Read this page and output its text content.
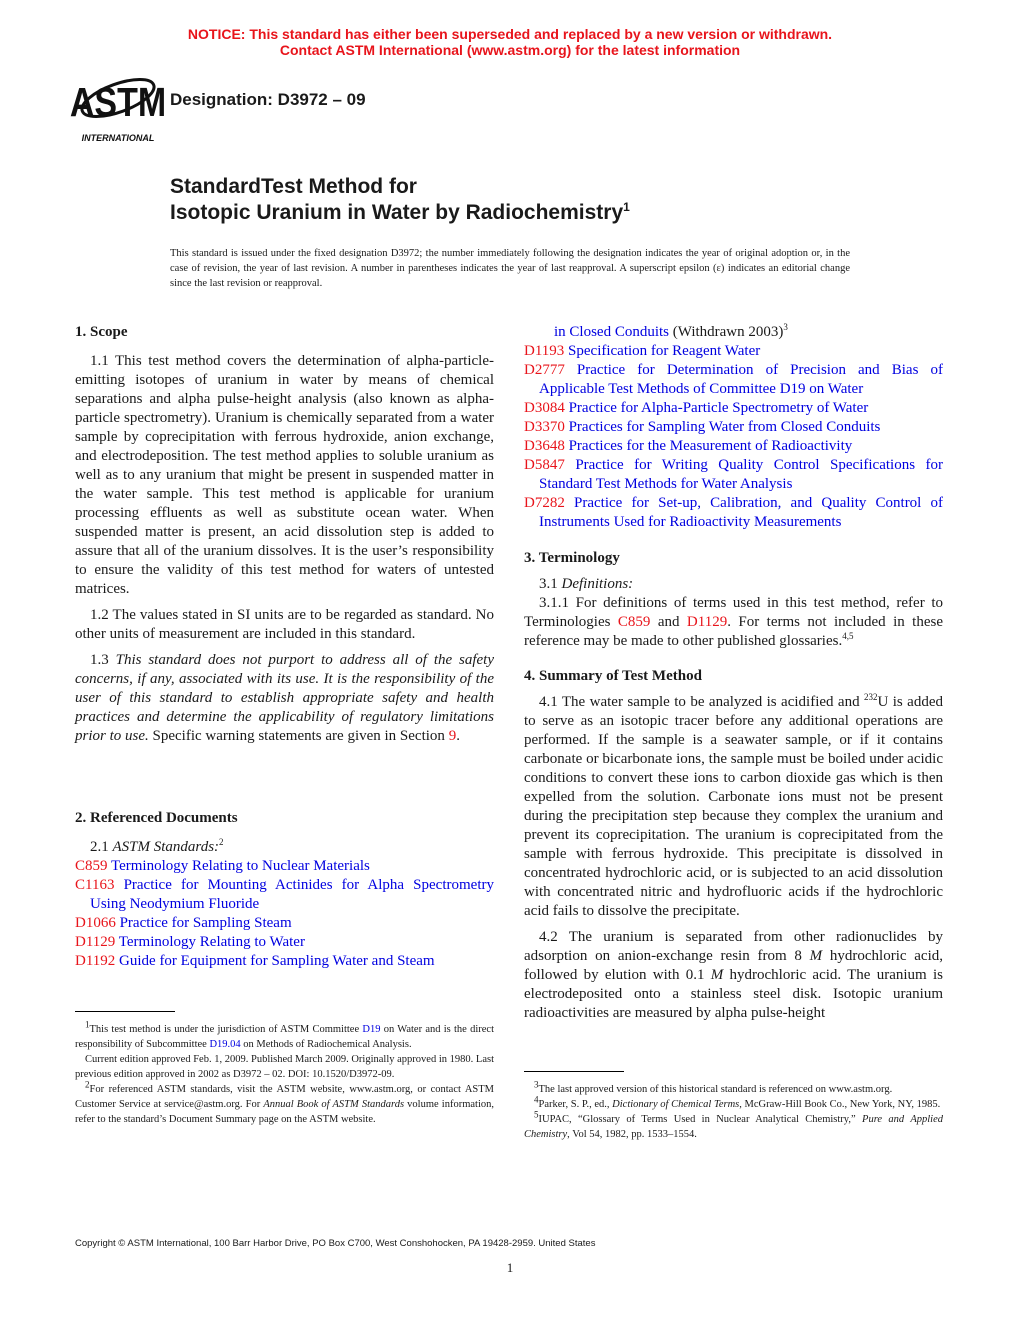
NOTICE: This standard has either been superseded and replaced by a new version or withdrawn.
Contact ASTM International (www.astm.org) for the latest information
ASTM
INTERNATIONAL
Designation: D3972 – 09
StandardTest Method for
Isotopic Uranium in Water by Radiochemistry$^1$
This standard is issued under the fixed designation D3972; the number immediately following the designation indicates the year of original adoption or, in the case of revision, the year of last revision. A number in parentheses indicates the year of last reapproval. A superscript epsilon (ε) indicates an editorial change since the last revision or reapproval.
1. Scope

1.1 This test method covers the determination of alpha-particle-emitting isotopes of uranium in water by means of chemical separations and alpha pulse-height analysis (also known as alpha-particle spectrometry). Uranium is chemically separated from a water sample by coprecipitation with ferrous hydroxide, anion exchange, and electrodeposition. The test method applies to soluble uranium as well as to any uranium that might be present in suspended matter in the water sample. This test method is applicable for uranium processing effluents as well as substitute ocean water. When suspended matter is present, an acid dissolution step is added to assure that all of the uranium dissolves. It is the user’s responsibility to ensure the validity of this test method for waters of untested matrices.

1.2 The values stated in SI units are to be regarded as standard. No other units of measurement are included in this standard.

1.3 This standard does not purport to address all of the safety concerns, if any, associated with its use. It is the responsibility of the user of this standard to establish appropriate safety and health practices and determine the applicability of regulatory limitations prior to use. Specific warning statements are given in Section 9.

2. Referenced Documents

2.1 ASTM Standards:$^2$

C859 Terminology Relating to Nuclear Materials
C1163 Practice for Mounting Actinides for Alpha Spectrometry Using Neodymium Fluoride
D1066 Practice for Sampling Steam
D1129 Terminology Relating to Water
D1192 Guide for Equipment for Sampling Water and Steam

$^1$This test method is under the jurisdiction of ASTM Committee D19 on Water and is the direct responsibility of Subcommittee D19.04 on Methods of Radiochemical Analysis.

Current edition approved Feb. 1, 2009. Published March 2009. Originally approved in 1980. Last previous edition approved in 2002 as D3972 – 02. DOI: 10.1520/D3972-09.

$^2$For referenced ASTM standards, visit the ASTM website, www.astm.org, or contact ASTM Customer Service at service@astm.org. For Annual Book of ASTM Standards volume information, refer to the standard’s Document Summary page on the ASTM website.

in Closed Conduits (Withdrawn 2003)$^3$
D1193 Specification for Reagent Water
D2777 Practice for Determination of Precision and Bias of Applicable Test Methods of Committee D19 on Water
D3084 Practice for Alpha-Particle Spectrometry of Water
D3370 Practices for Sampling Water from Closed Conduits
D3648 Practices for the Measurement of Radioactivity
D5847 Practice for Writing Quality Control Specifications for Standard Test Methods for Water Analysis
D7282 Practice for Set-up, Calibration, and Quality Control of Instruments Used for Radioactivity Measurements
3. Terminology

3.1 Definitions:

3.1.1 For definitions of terms used in this test method, refer to Terminologies C859 and D1129. For terms not included in these reference may be made to other published glossaries.$^{4,5}$

4. Summary of Test Method

4.1 The water sample to be analyzed is acidified and $^{232}$U is added to serve as an isotopic tracer before any additional operations are performed. If the sample is a seawater sample, or if it contains carbonate or bicarbonate ions, the sample must be boiled under acidic conditions to convert these ions to carbon dioxide gas which is then expelled from the solution. Carbonate ions must not be present during the precipitation step because they complex the uranium and prevent its coprecipitation. The uranium is coprecipitated from the sample with ferrous hydroxide. This precipitate is dissolved in concentrated hydrochloric acid, or is subjected to an acid dissolution with concentrated nitric and hydrofluoric acids if the hydrochloric acid fails to dissolve the precipitate.

4.2 The uranium is separated from other radionuclides by adsorption on anion-exchange resin from 8 M hydrochloric acid, followed by elution with 0.1 M hydrochloric acid. The uranium is electrodeposited onto a stainless steel disk. Isotopic uranium radioactivities are measured by alpha pulse-height

$^3$The last approved version of this historical standard is referenced on www.astm.org.

$^4$Parker, S. P., ed., Dictionary of Chemical Terms, McGraw-Hill Book Co., New York, NY, 1985.

$^5$IUPAC, “Glossary of Terms Used in Nuclear Analytical Chemistry,” Pure and Applied Chemistry, Vol 54, 1982, pp. 1533–1554.

Copyright © ASTM International, 100 Barr Harbor Drive, PO Box C700, West Conshohocken, PA 19428-2959. United States
1
